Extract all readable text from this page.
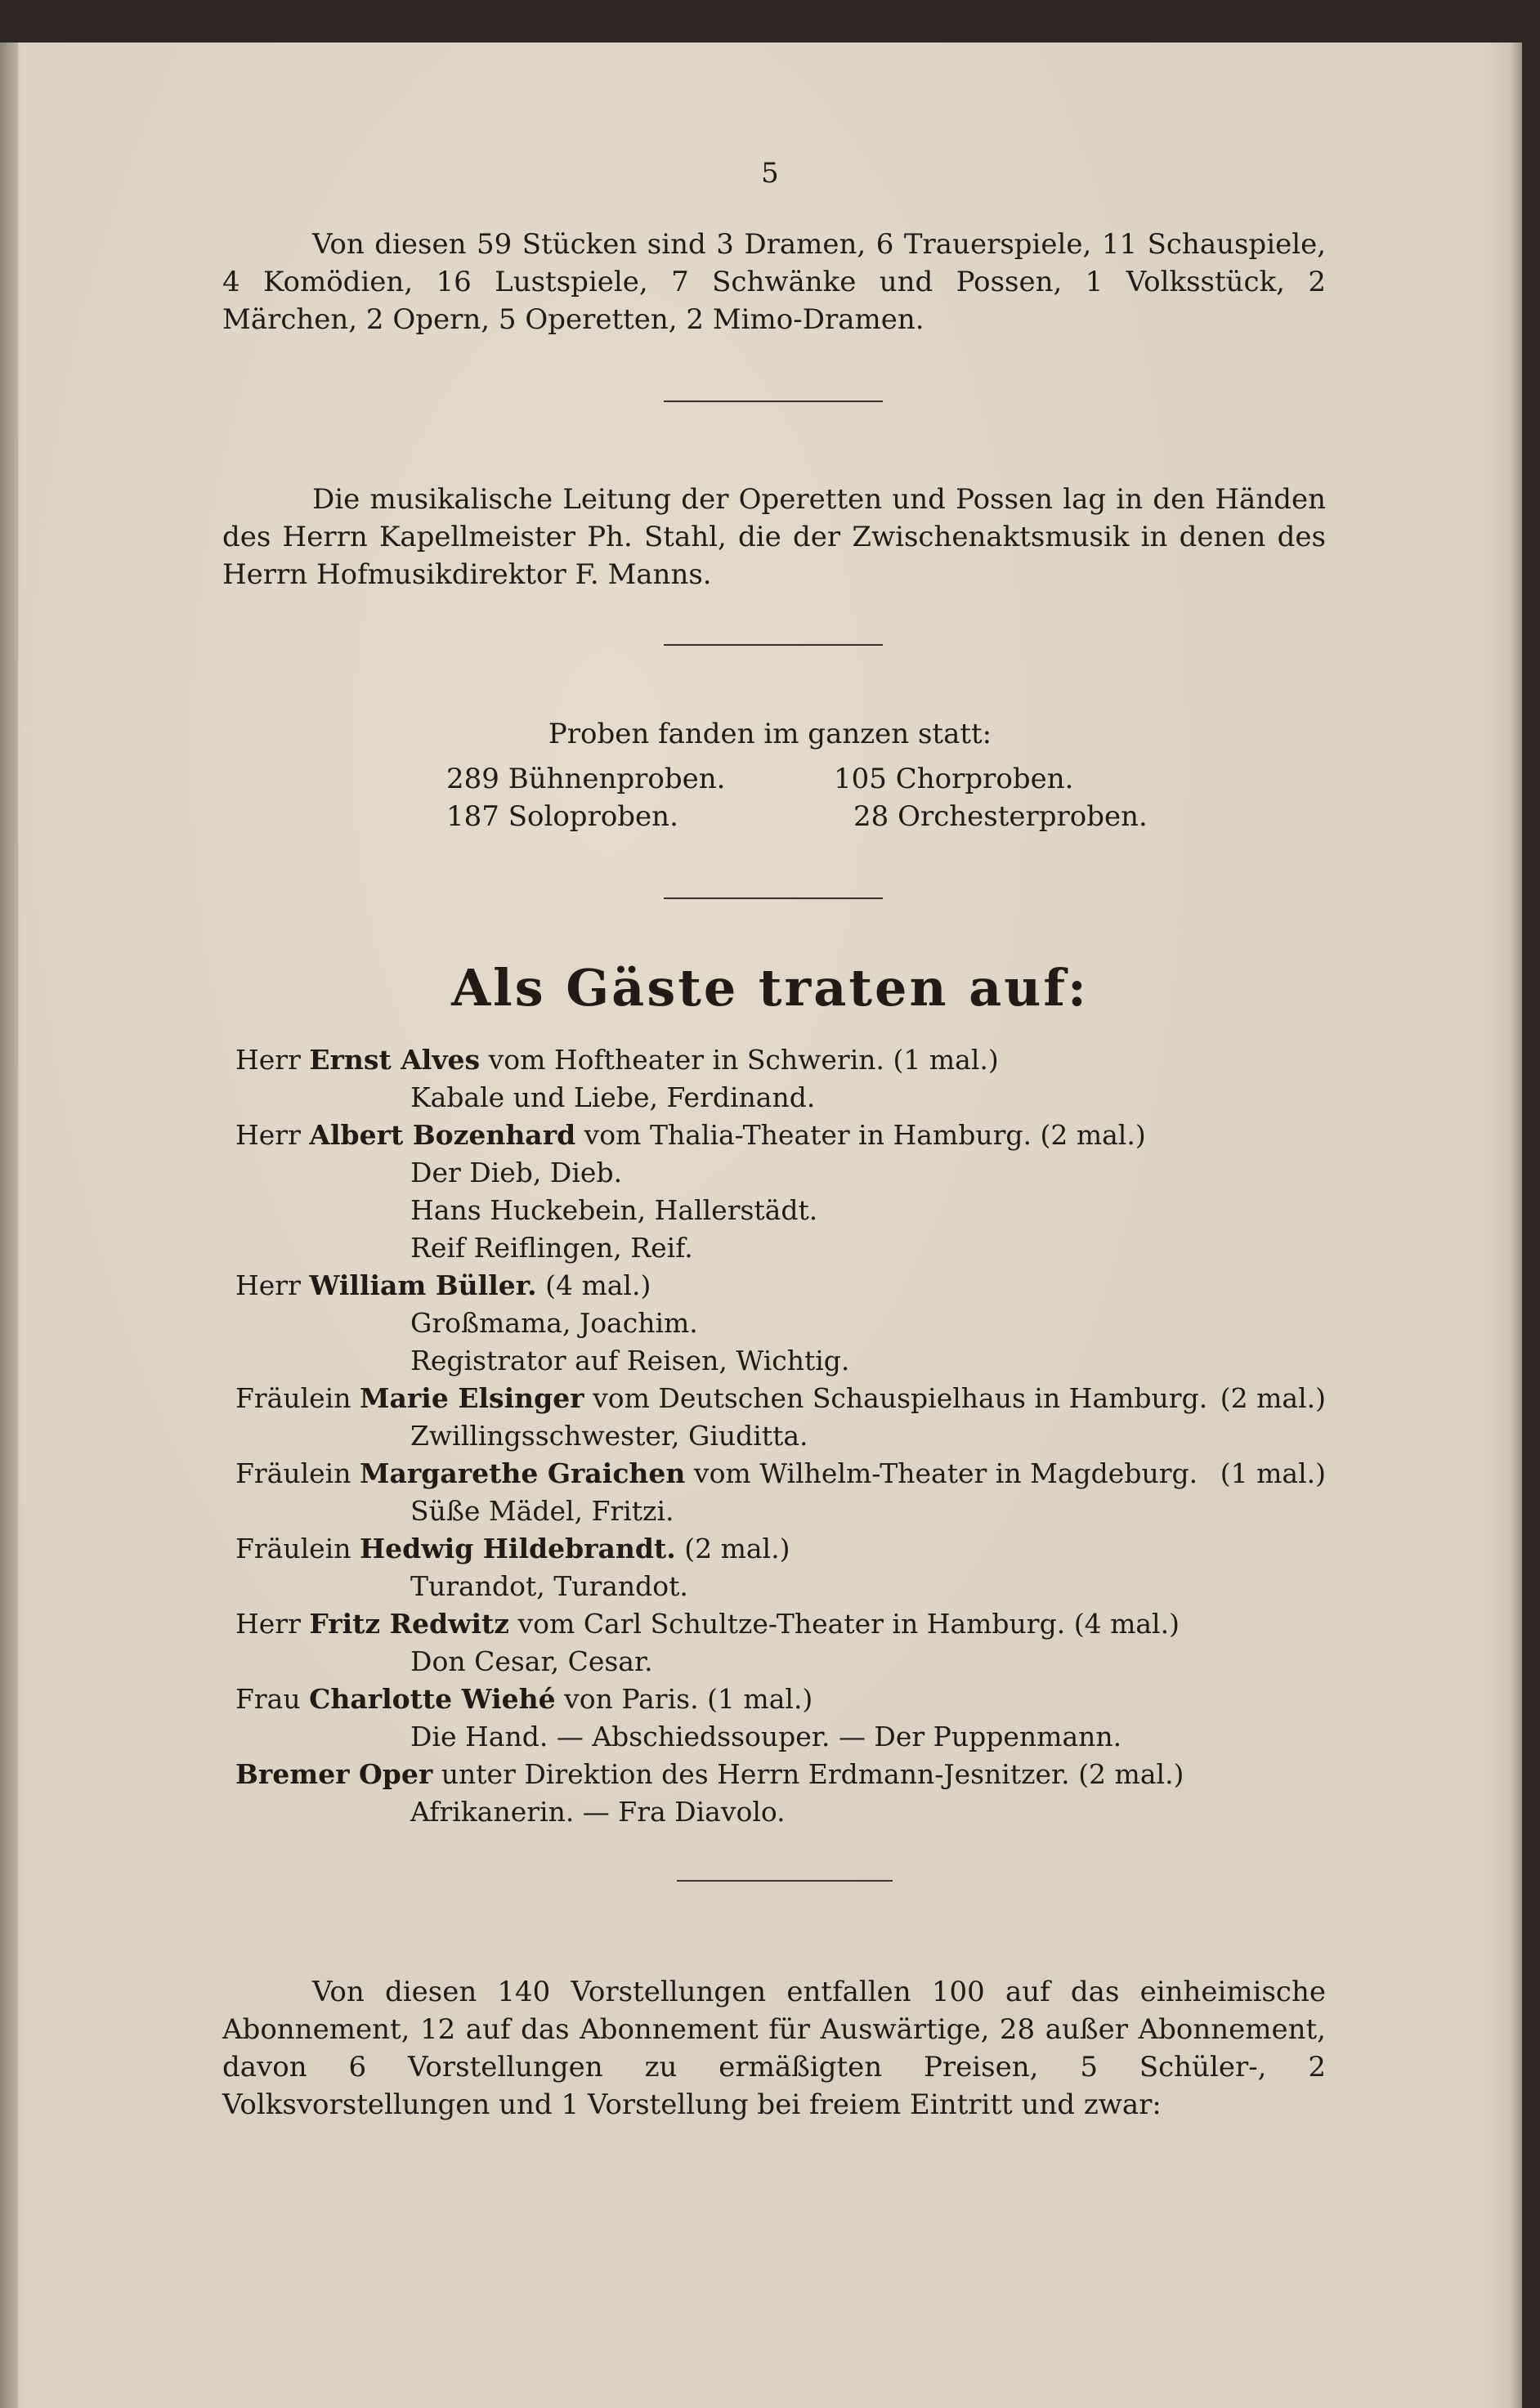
5
Von diesen 59 Stücken sind 3 Dramen, 6 Trauerspiele, 11 Schauspiele, 4 Komödien, 16 Lustspiele, 7 Schwänke und Possen, 1 Volksstück, 2 Märchen, 2 Opern, 5 Operetten, 2 Mimo-Dramen.
Die musikalische Leitung der Operetten und Possen lag in den Händen des Herrn Kapellmeister Ph. Stahl, die der Zwischenaktsmusik in denen des Herrn Hofmusikdirektor F. Manns.
Proben fanden im ganzen statt:
289 Bühnenproben.	105 Chorproben.
187 Soloproben.	28 Orchesterproben.
Als Gäste traten auf:
Herr Ernst Alves vom Hoftheater in Schwerin. (1 mal.)
Kabale und Liebe, Ferdinand.
Herr Albert Bozenhard vom Thalia-Theater in Hamburg. (2 mal.)
Der Dieb, Dieb.
Hans Huckebein, Hallerstädt.
Reif Reiflingen, Reif.
Herr William Büller. (4 mal.)
Großmama, Joachim.
Registrator auf Reisen, Wichtig.
Fräulein Marie Elsinger vom Deutschen Schauspielhaus in Hamburg. (2 mal.)
Zwillingsschwester, Giuditta.
Fräulein Margarethe Graichen vom Wilhelm-Theater in Magdeburg. (1 mal.)
Süße Mädel, Fritzi.
Fräulein Hedwig Hildebrandt. (2 mal.)
Turandot, Turandot.
Herr Fritz Redwitz vom Carl Schultze-Theater in Hamburg. (4 mal.)
Don Cesar, Cesar.
Frau Charlotte Wiehé von Paris. (1 mal.)
Die Hand. — Abschiedssouper. — Der Puppenmann.
Bremer Oper unter Direktion des Herrn Erdmann-Jesnitzer. (2 mal.)
Afrikanerin. — Fra Diavolo.
Von diesen 140 Vorstellungen entfallen 100 auf das einheimische Abonnement, 12 auf das Abonnement für Auswärtige, 28 außer Abonnement, davon 6 Vorstellungen zu ermäßigten Preisen, 5 Schüler-, 2 Volksvorstellungen und 1 Vorstellung bei freiem Eintritt und zwar:
